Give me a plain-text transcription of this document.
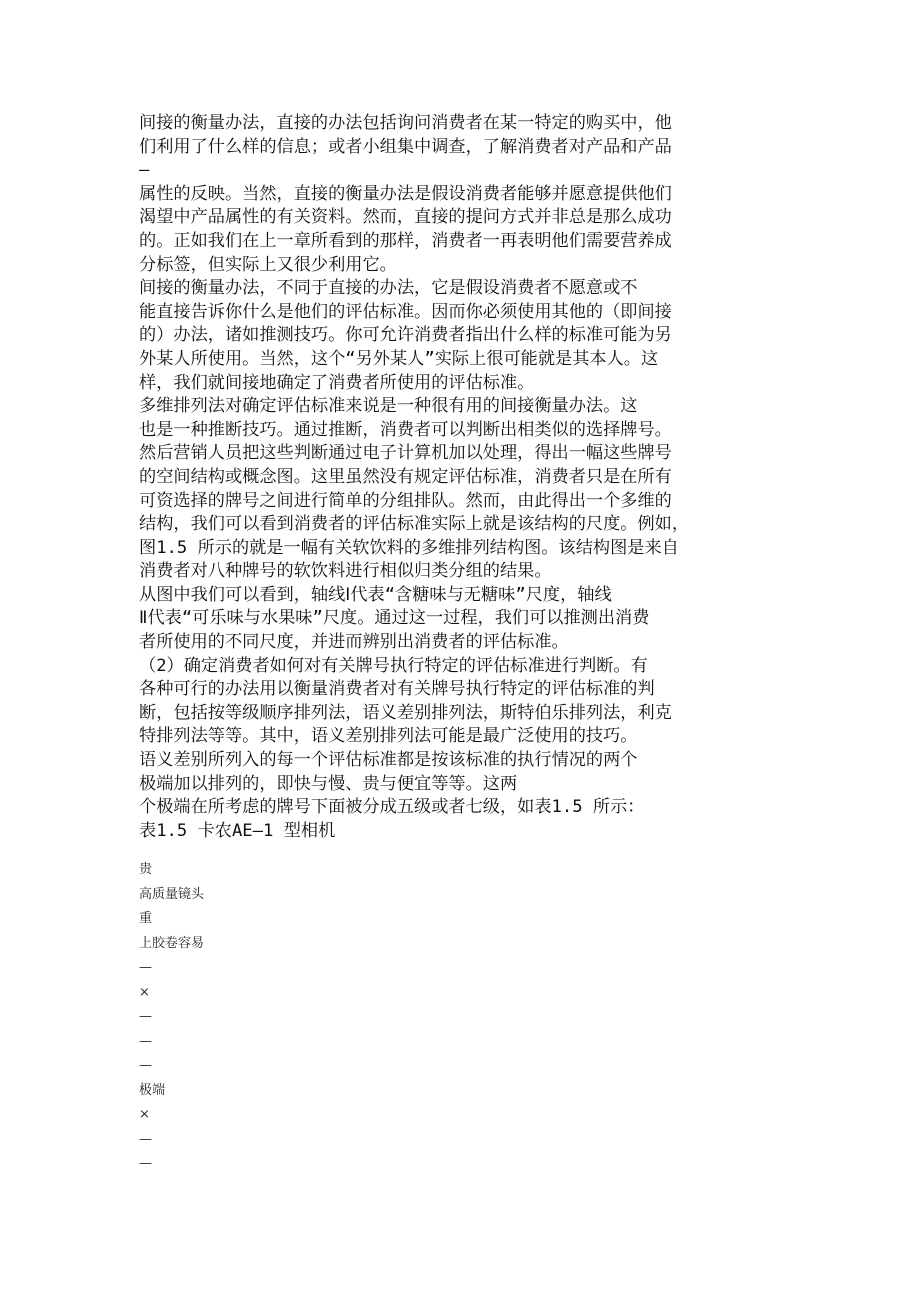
间接的衡量办法，直接的办法包括询问消费者在某一特定的购买中，他
们利用了什么样的信息；或者小组集中调查，了解消费者对产品和产品
—
属性的反映。当然，直接的衡量办法是假设消费者能够并愿意提供他们
渴望中产品属性的有关资料。然而，直接的提问方式并非总是那么成功
的。正如我们在上一章所看到的那样，消费者一再表明他们需要营养成
分标签，但实际上又很少利用它。
间接的衡量办法，不同于直接的办法，它是假设消费者不愿意或不
能直接告诉你什么是他们的评估标准。因而你必须使用其他的（即间接
的）办法，诸如推测技巧。你可允许消费者指出什么样的标准可能为另
外某人所使用。当然，这个“另外某人”实际上很可能就是其本人。这
样，我们就间接地确定了消费者所使用的评估标准。
多维排列法对确定评估标准来说是一种很有用的间接衡量办法。这
也是一种推断技巧。通过推断，消费者可以判断出相类似的选择牌号。
然后营销人员把这些判断通过电子计算机加以处理，得出一幅这些牌号
的空间结构或概念图。这里虽然没有规定评估标准，消费者只是在所有
可资选择的牌号之间进行简单的分组排队。然而，由此得出一个多维的
结构，我们可以看到消费者的评估标准实际上就是该结构的尺度。例如，
图1.5 所示的就是一幅有关软饮料的多维排列结构图。该结构图是来自
消费者对八种牌号的软饮料进行相似归类分组的结果。
从图中我们可以看到，轴线Ⅰ代表“含糖味与无糖味”尺度，轴线
Ⅱ代表“可乐味与水果味”尺度。通过这一过程，我们可以推测出消费
者所使用的不同尺度，并进而辨别出消费者的评估标准。
（2）确定消费者如何对有关牌号执行特定的评估标准进行判断。有
各种可行的办法用以衡量消费者对有关牌号执行特定的评估标准的判
断，包括按等级顺序排列法，语义差别排列法，斯特伯乐排列法，利克
特排列法等等。其中，语义差别排列法可能是最广泛使用的技巧。
语义差别所列入的每一个评估标准都是按该标准的执行情况的两个
极端加以排列的，即快与慢、贵与便宜等等。这两
个极端在所考虑的牌号下面被分成五级或者七级，如表1.5 所示：
表1.5 卡农AE—1 型相机
贵
高质量镜头
重
上胶卷容易
—
×
—
—
—
极端
×
—
—
